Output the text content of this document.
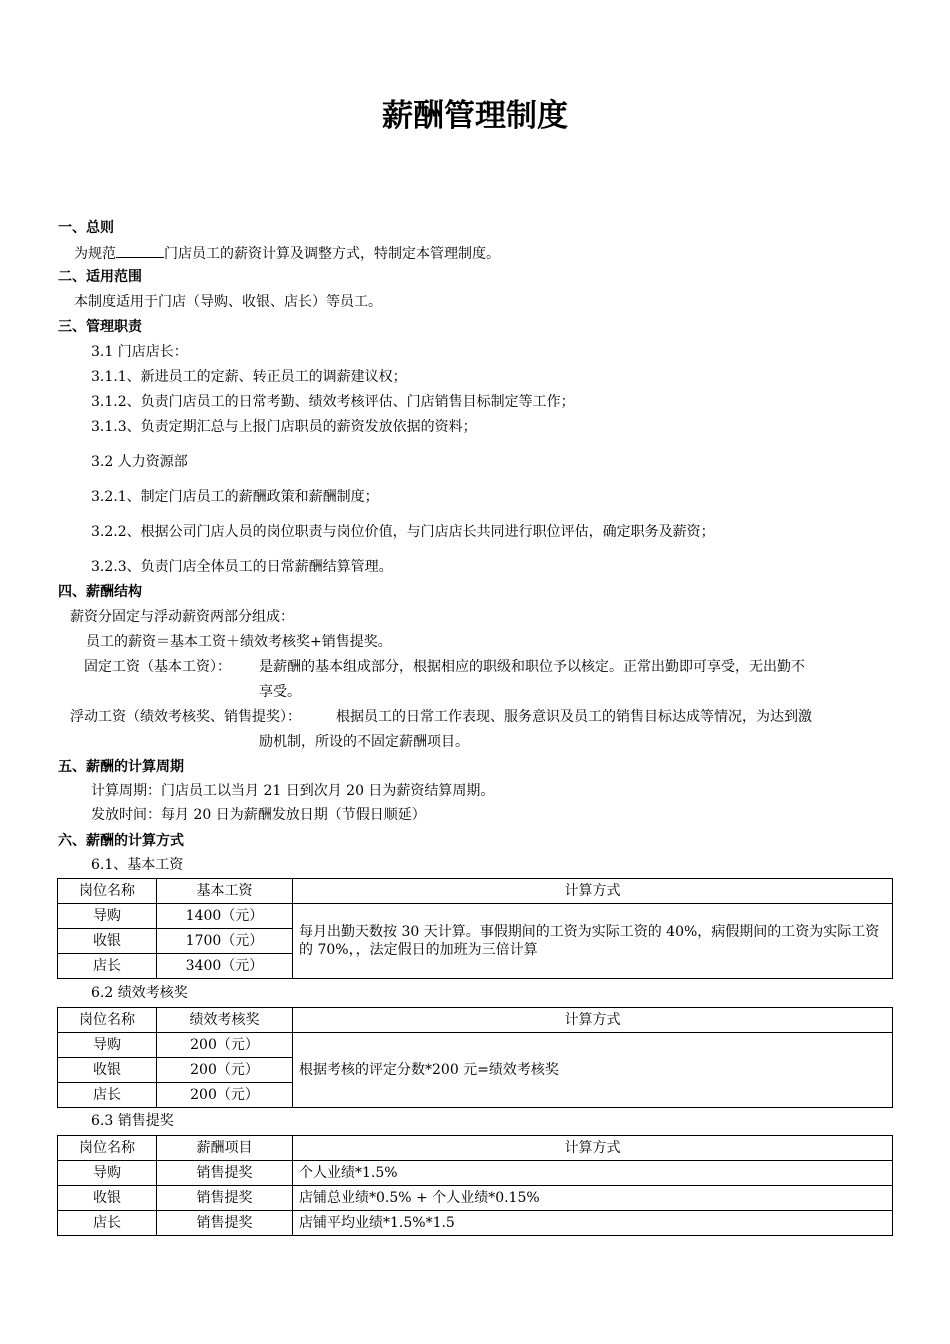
薪酬管理制度
一、总则
为规范	门店员工的薪资计算及调整方式，特制定本管理制度。
二、适用范围
本制度适用于门店（导购、收银、店长）等员工。
三、管理职责
3.1 门店店长：
3.1.1、新进员工的定薪、转正员工的调薪建议权；
3.1.2、负责门店员工的日常考勤、绩效考核评估、门店销售目标制定等工作；
3.1.3、负责定期汇总与上报门店职员的薪资发放依据的资料；
3.2 人力资源部
3.2.1、制定门店员工的薪酬政策和薪酬制度；
3.2.2、根据公司门店人员的岗位职责与岗位价值，与门店店长共同进行职位评估，确定职务及薪资；
3.2.3、负责门店全体员工的日常薪酬结算管理。
四、薪酬结构
薪资分固定与浮动薪资两部分组成：
员工的薪资＝基本工资＋绩效考核奖+销售提奖。
固定工资（基本工资）： 是薪酬的基本组成部分，根据相应的职级和职位予以核定。正常出勤即可享受，无出勤不
享受。
浮动工资（绩效考核奖、销售提奖）：	根据员工的日常工作表现、服务意识及员工的销售目标达成等情况，为达到激
励机制，所设的不固定薪酬项目。
五、薪酬的计算周期
计算周期：门店员工以当月 21 日到次月 20 日为薪资结算周期。
发放时间：每月 20 日为薪酬发放日期（节假日顺延）
六、薪酬的计算方式
6.1、基本工资
岗位名称	基本工资	计算方式
导购	1400（元）	每月出勤天数按 30 天计算。事假期间的工资为实际工资的 40%，病假期间的工资为实际工资的 70%，，法定假日的加班为三倍计算
收银	1700（元）	
店长	3400（元）	
6.2 绩效考核奖
岗位名称	绩效考核奖	计算方式
导购	200（元）	根据考核的评定分数*200 元=绩效考核奖
收银	200（元）	
店长	200（元）	
6.3 销售提奖
岗位名称	薪酬项目	计算方式
导购	销售提奖	个人业绩*1.5%
收银	销售提奖	店铺总业绩*0.5% + 个人业绩*0.15%
店长	销售提奖	店铺平均业绩*1.5%*1.5
